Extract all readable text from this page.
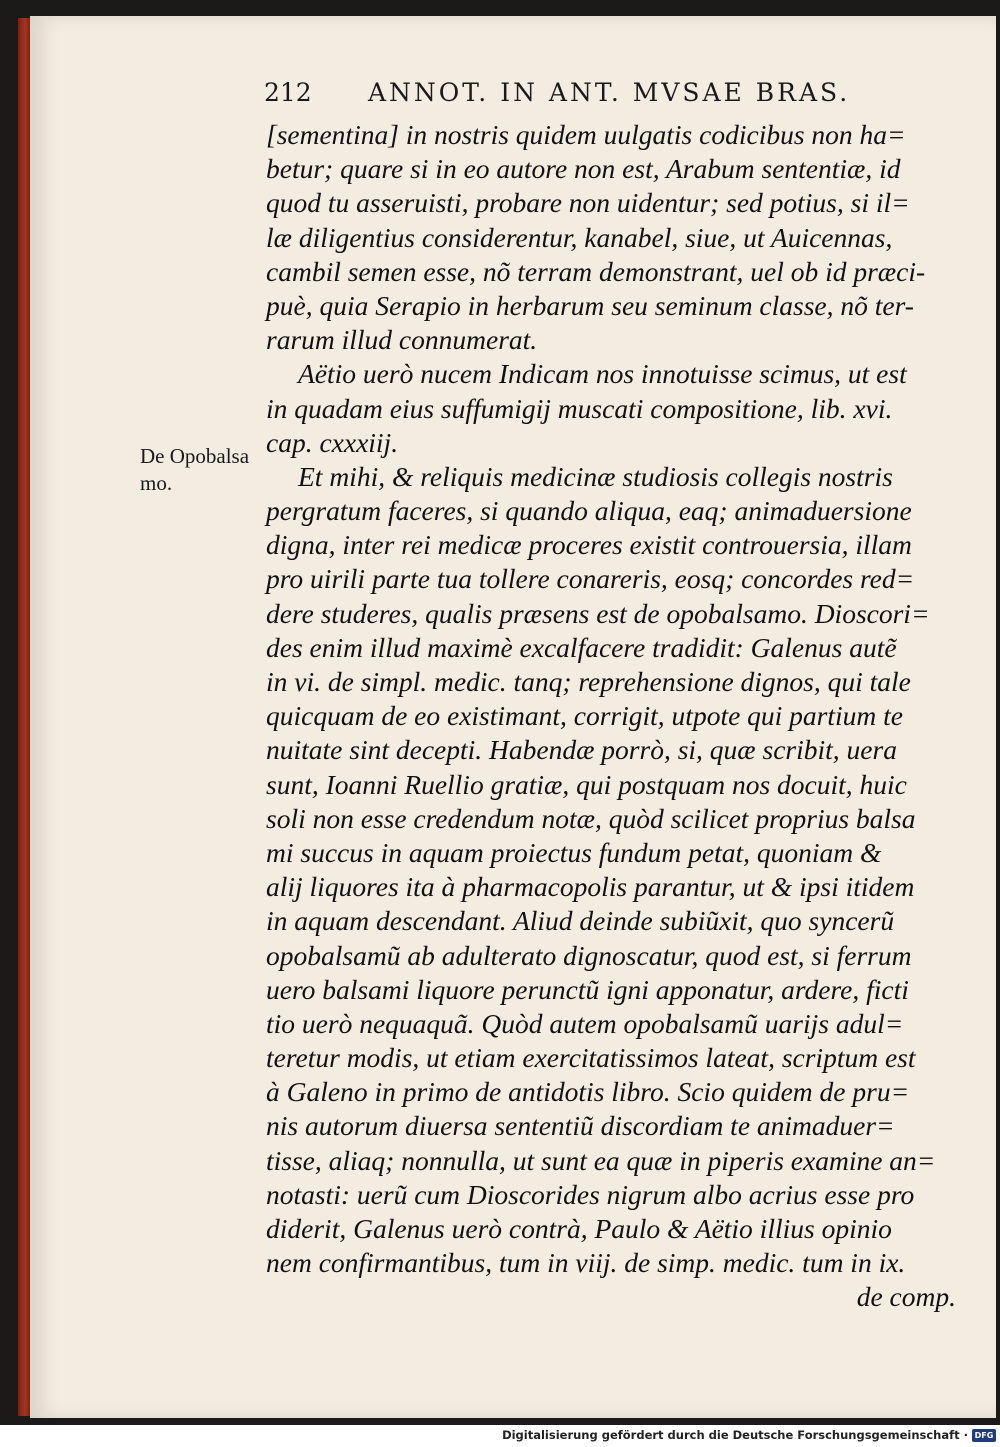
212 ANNOT. IN ANT. MVSAE BRAS.
De Opobalsa
mo.
[sementina] in nostris quidem uulgatis codicibus non ha=
betur; quare si in eo autore non est, Arabum sententiæ, id
quod tu asseruisti, probare non uidentur; sed potius, si il=
læ diligentius considerentur, kanabel, siue, ut Auicennas,
cambil semen esse, nõ terram demonstrant, uel ob id præci-
puè, quia Serapio in herbarum seu seminum classe, nõ ter-
rarum illud connumerat.
Aëtio uerò nucem Indicam nos innotuisse scimus, ut est
in quadam eius suffumigij muscati compositione, lib. xvi.
cap. cxxxiij.
Et mihi, & reliquis medicinæ studiosis collegis nostris
pergratum faceres, si quando aliqua, eaq; animaduersione
digna, inter rei medicæ proceres existit controuersia, illam
pro uirili parte tua tollere conareris, eosq; concordes red=
dere studeres, qualis præsens est de opobalsamo. Dioscori=
des enim illud maximè excalfacere tradidit: Galenus autẽ
in vi. de simpl. medic. tanq; reprehensione dignos, qui tale
quicquam de eo existimant, corrigit, utpote qui partium te
nuitate sint decepti. Habendæ porrò, si, quæ scribit, uera
sunt, Ioanni Ruellio gratiæ, qui postquam nos docuit, huic
soli non esse credendum notæ, quòd scilicet proprius balsa
mi succus in aquam proiectus fundum petat, quoniam &
alij liquores ita à pharmacopolis parantur, ut & ipsi itidem
in aquam descendant. Aliud deinde subiũxit, quo syncerũ
opobalsamũ ab adulterato dignoscatur, quod est, si ferrum
uero balsami liquore perunctũ igni apponatur, ardere, ficti
tio uerò nequaquã. Quòd autem opobalsamũ uarijs adul=
teretur modis, ut etiam exercitatissimos lateat, scriptum est
à Galeno in primo de antidotis libro. Scio quidem de pru=
nis autorum diuersa sententiũ discordiam te animaduer=
tisse, aliaq; nonnulla, ut sunt ea quæ in piperis examine an=
notasti: uerũ cum Dioscorides nigrum albo acrius esse pro
diderit, Galenus uerò contrà, Paulo & Aëtio illius opinio
nem confirmantibus, tum in viij. de simp. medic. tum in ix.
de comp.
Digitalisierung gefördert durch die Deutsche Forschungsgemeinschaft · DFG
